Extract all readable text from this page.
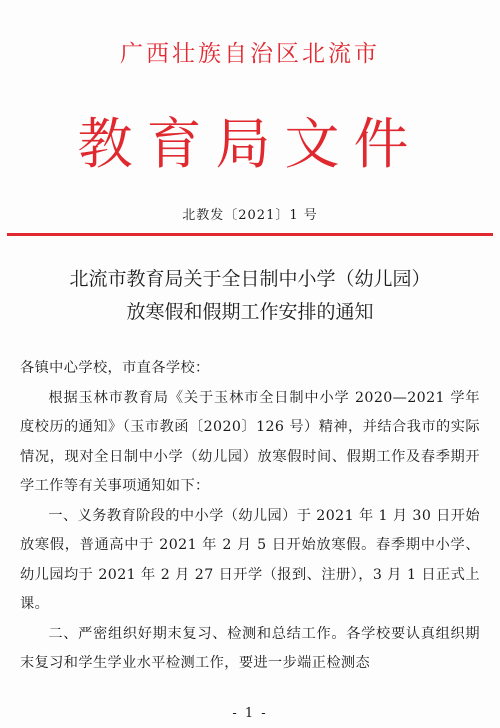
广西壮族自治区北流市
教育局文件
北教发〔2021〕1 号
北流市教育局关于全日制中小学（幼儿园）
放寒假和假期工作安排的通知

各镇中心学校，市直各学校：

根据玉林市教育局《关于玉林市全日制中小学 2020—2021 学年度校历的通知》（玉市教函〔2020〕126 号）精神，并结合我市的实际情况，现对全日制中小学（幼儿园）放寒假时间、假期工作及春季期开学工作等有关事项通知如下：

一、义务教育阶段的中小学（幼儿园）于 2021 年 1 月 30 日开始放寒假，普通高中于 2021 年 2 月 5 日开始放寒假。春季期中小学、幼儿园均于 2021 年 2 月 27 日开学（报到、注册），3 月 1 日正式上课。

二、严密组织好期末复习、检测和总结工作。各学校要认真组织期末复习和学生学业水平检测工作，要进一步端正检测态

- 1 -
